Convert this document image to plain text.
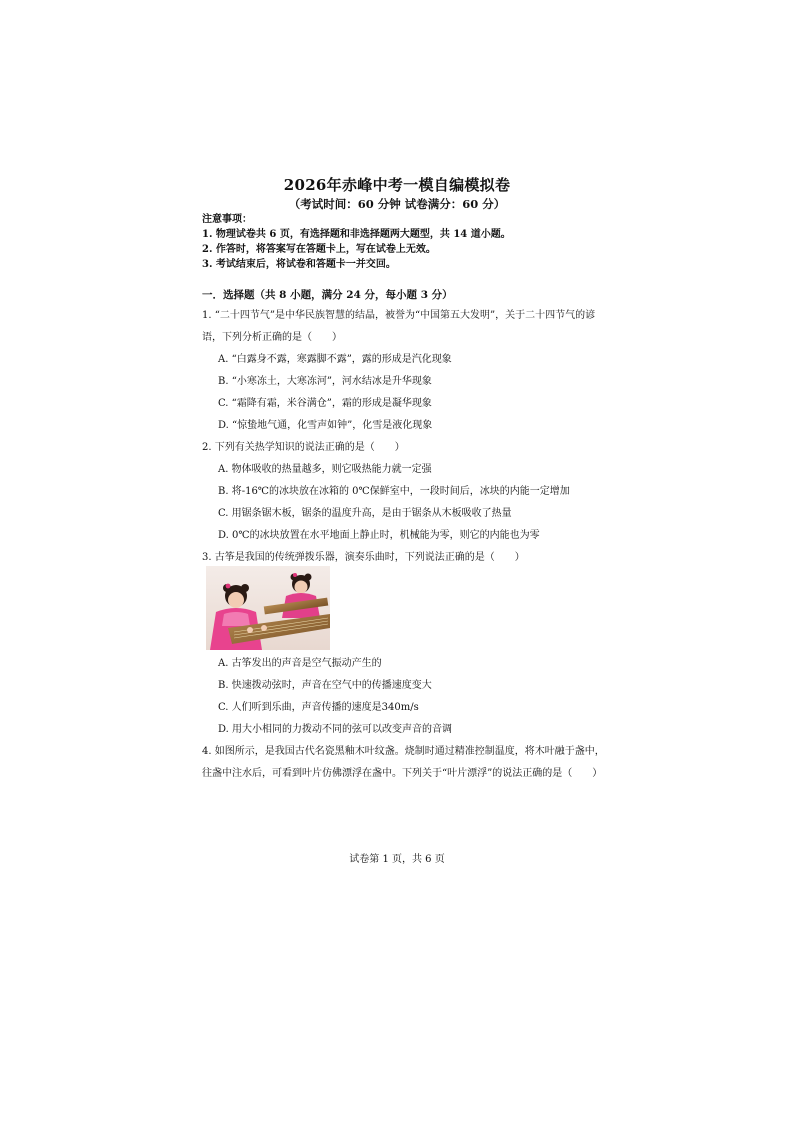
2026年赤峰中考一模自编模拟卷
（考试时间：60 分钟 试卷满分：60 分）
注意事项：
1. 物理试卷共 6 页，有选择题和非选择题两大题型，共 14 道小题。
2. 作答时，将答案写在答题卡上，写在试卷上无效。
3. 考试结束后，将试卷和答题卡一并交回。
一．选择题（共 8 小题，满分 24 分，每小题 3 分）
1. “二十四节气”是中华民族智慧的结晶，被誉为“中国第五大发明”，关于二十四节气的谚
语，下列分析正确的是（　　）
A. “白露身不露，寒露脚不露”，露的形成是汽化现象
B. “小寒冻土，大寒冻河”，河水结冰是升华现象
C. “霜降有霜，米谷满仓”，霜的形成是凝华现象
D. “惊蛰地气通，化雪声如钟”，化雪是液化现象
2. 下列有关热学知识的说法正确的是（　　）
A. 物体吸收的热量越多，则它吸热能力就一定强
B. 将-16℃的冰块放在冰箱的 0℃保鲜室中，一段时间后，冰块的内能一定增加
C. 用锯条锯木板，锯条的温度升高，是由于锯条从木板吸收了热量
D. 0℃的冰块放置在水平地面上静止时，机械能为零，则它的内能也为零
3. 古筝是我国的传统弹拨乐器，演奏乐曲时，下列说法正确的是（　　）
A. 古筝发出的声音是空气振动产生的
B. 快速拨动弦时，声音在空气中的传播速度变大
C. 人们听到乐曲，声音传播的速度是340m/s
D. 用大小相同的力拨动不同的弦可以改变声音的音调
4. 如图所示，是我国古代名瓷黑釉木叶纹盏。烧制时通过精准控制温度，将木叶融于盏中，
往盏中注水后，可看到叶片仿佛漂浮在盏中。下列关于“叶片漂浮”的说法正确的是（　　）
试卷第 1 页，共 6 页
